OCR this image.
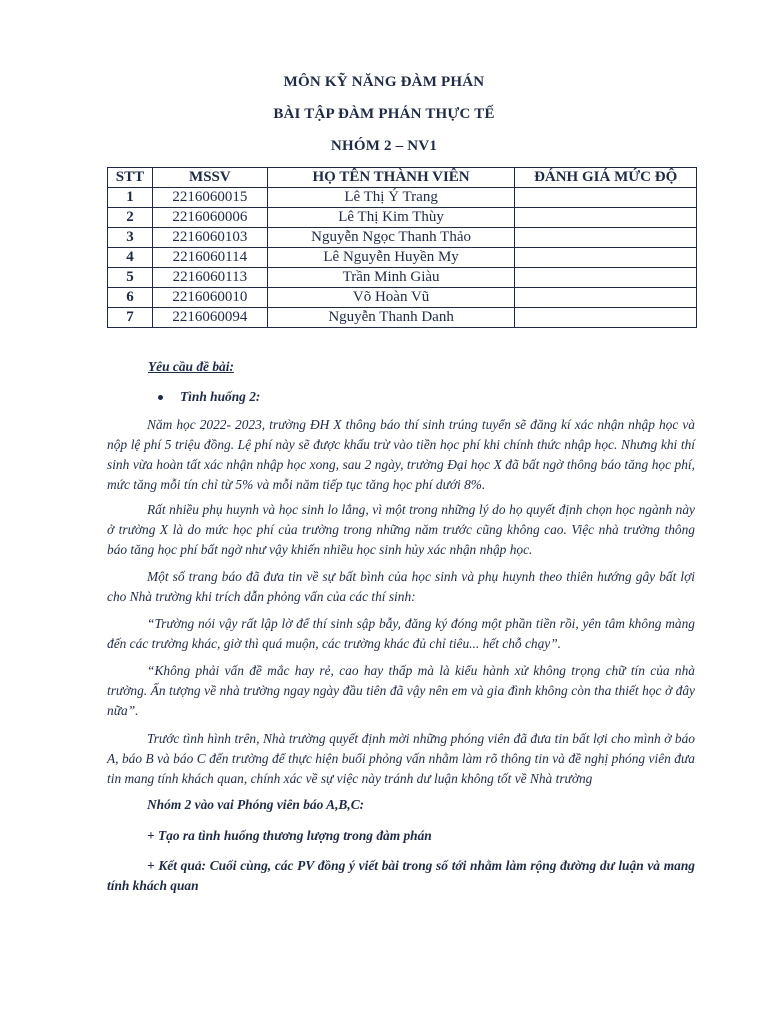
MÔN KỸ NĂNG ĐÀM PHÁN
BÀI TẬP ĐÀM PHÁN THỰC TẾ
NHÓM 2 – NV1
STT	MSSV	HỌ TÊN THÀNH VIÊN	ĐÁNH GIÁ MỨC ĐỘ
1	2216060015	Lê Thị Ý Trang	
2	2216060006	Lê Thị Kim Thùy	
3	2216060103	Nguyễn Ngọc Thanh Thảo	
4	2216060114	Lê Nguyễn Huyền My	
5	2216060113	Trần Minh Giàu	
6	2216060010	Võ Hoàn Vũ	
7	2216060094	Nguyễn Thanh Danh	
Yêu cầu đề bài:
Tình huống 2:
Năm học 2022- 2023, trường ĐH X thông báo thí sinh trúng tuyển sẽ đăng kí xác nhận nhập học và nộp lệ phí 5 triệu đồng. Lệ phí này sẽ được khấu trừ vào tiền học phí khi chính thức nhập học. Nhưng khi thí sinh vừa hoàn tất xác nhận nhập học xong, sau 2 ngày, trường Đại học X đã bất ngờ thông báo tăng học phí, mức tăng mỗi tín chỉ từ 5% và mỗi năm tiếp tục tăng học phí dưới 8%.
Rất nhiều phụ huynh và học sinh lo lắng, vì một trong những lý do họ quyết định chọn học ngành này ở trường X là do mức học phí của trường trong những năm trước cũng không cao. Việc nhà trường thông báo tăng học phí bất ngờ như vậy khiến nhiều học sinh hủy xác nhận nhập học.
Một số trang báo đã đưa tin về sự bất bình của học sinh và phụ huynh theo thiên hướng gây bất lợi cho Nhà trường khi trích dẫn phỏng vấn của các thí sinh:
“Trường nói vậy rất lập lờ để thí sinh sập bẫy, đăng ký đóng một phần tiền rồi, yên tâm không màng đến các trường khác, giờ thì quá muộn, các trường khác đủ chỉ tiêu... hết chỗ chạy”.
“Không phải vấn đề mắc hay rẻ, cao hay thấp mà là kiểu hành xử không trọng chữ tín của nhà trường. Ấn tượng về nhà trường ngay ngày đầu tiên đã vậy nên em và gia đình không còn tha thiết học ở đây nữa”.
Trước tình hình trên, Nhà trường quyết định mời những phóng viên đã đưa tin bất lợi cho mình ở báo A, báo B và báo C đến trường để thực hiện buổi phỏng vấn nhằm làm rõ thông tin và đề nghị phóng viên đưa tin mang tính khách quan, chính xác về sự việc này tránh dư luận không tốt về Nhà trường
Nhóm 2 vào vai Phóng viên báo A,B,C:
+ Tạo ra tình huống thương lượng trong đàm phán
+ Kết quả: Cuối cùng, các PV đồng ý viết bài trong số tới nhằm làm rộng đường dư luận và mang tính khách quan
